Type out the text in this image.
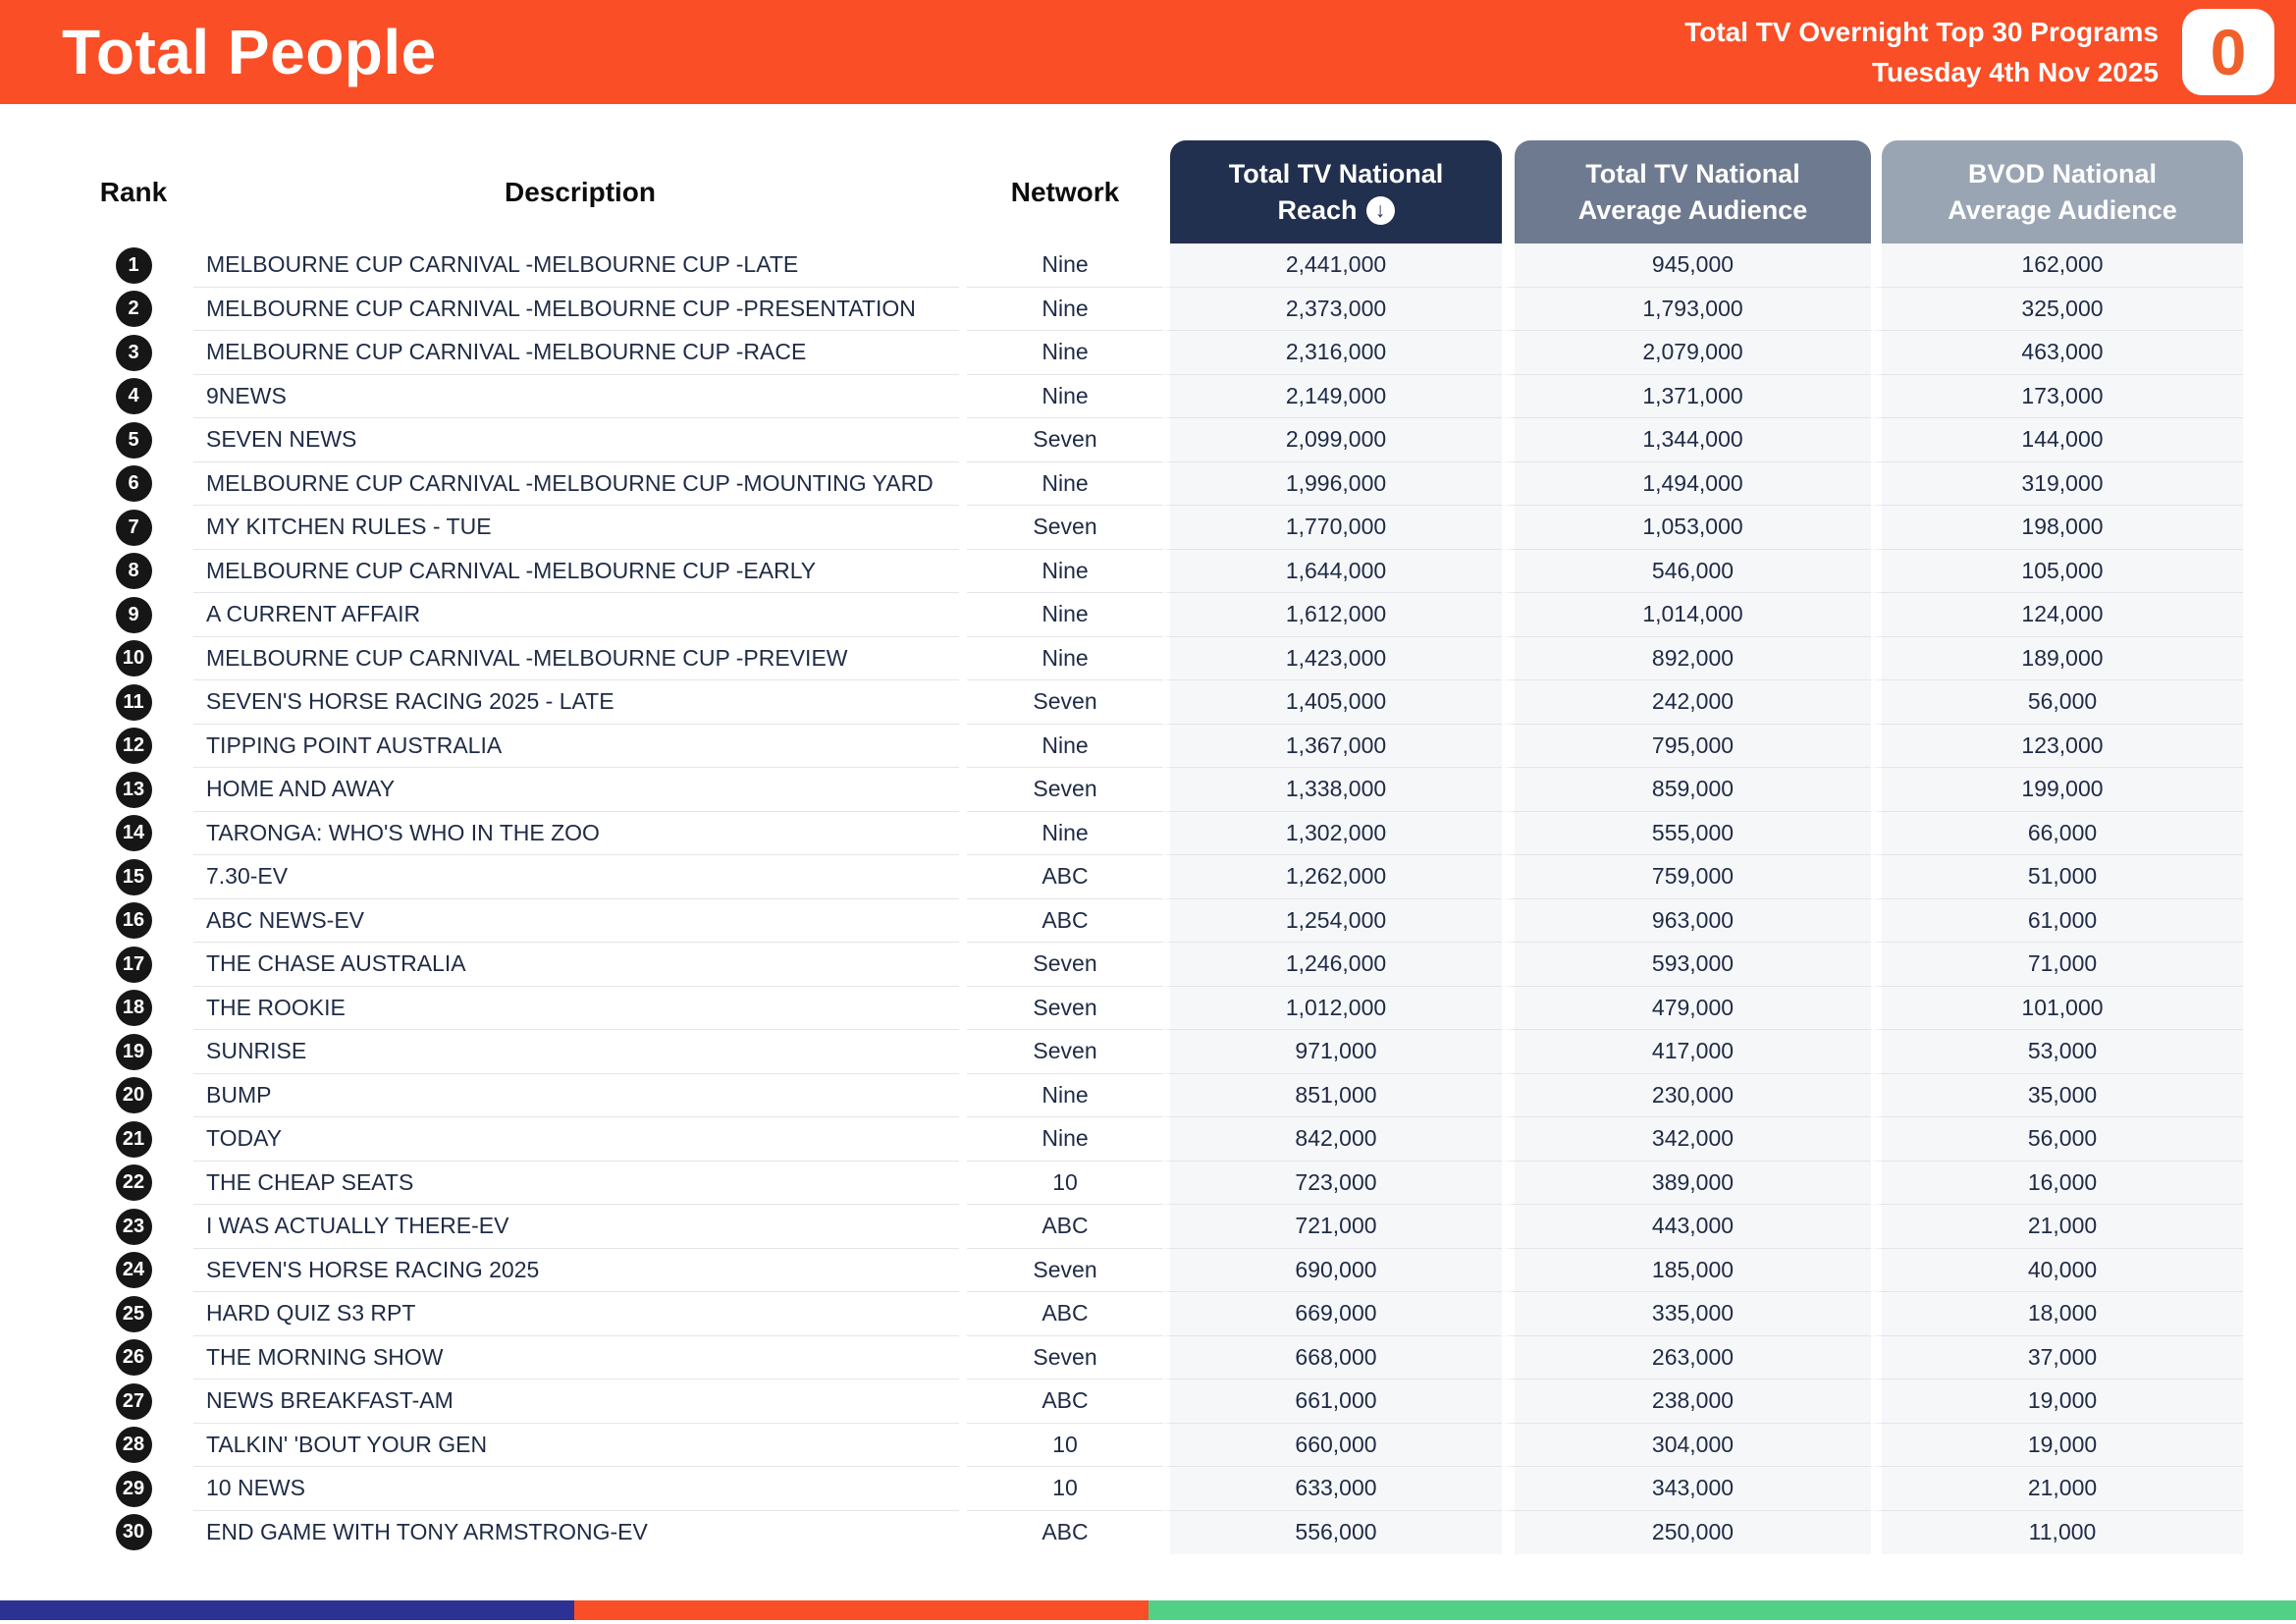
Total People	Total TV Overnight Top 30 Programs
Tuesday 4th Nov 2025 0
Rank	Description	Network
Total TV National
Reach ↓
Total TV National
Average Audience
BVOD National
Average Audience
1	MELBOURNE CUP CARNIVAL -MELBOURNE CUP -LATE	Nine	2,441,000	945,000	162,000
2	MELBOURNE CUP CARNIVAL -MELBOURNE CUP -PRESENTATION	Nine	2,373,000	1,793,000	325,000
3	MELBOURNE CUP CARNIVAL -MELBOURNE CUP -RACE	Nine	2,316,000	2,079,000	463,000
4	9NEWS	Nine	2,149,000	1,371,000	173,000
5	SEVEN NEWS	Seven	2,099,000	1,344,000	144,000
6	MELBOURNE CUP CARNIVAL -MELBOURNE CUP -MOUNTING YARD	Nine	1,996,000	1,494,000	319,000
7	MY KITCHEN RULES - TUE	Seven	1,770,000	1,053,000	198,000
8	MELBOURNE CUP CARNIVAL -MELBOURNE CUP -EARLY	Nine	1,644,000	546,000	105,000
9	A CURRENT AFFAIR	Nine	1,612,000	1,014,000	124,000
10	MELBOURNE CUP CARNIVAL -MELBOURNE CUP -PREVIEW	Nine	1,423,000	892,000	189,000
11	SEVEN'S HORSE RACING 2025 - LATE	Seven	1,405,000	242,000	56,000
12	TIPPING POINT AUSTRALIA	Nine	1,367,000	795,000	123,000
13	HOME AND AWAY	Seven	1,338,000	859,000	199,000
14	TARONGA: WHO'S WHO IN THE ZOO	Nine	1,302,000	555,000	66,000
15	7.30-EV	ABC	1,262,000	759,000	51,000
16	ABC NEWS-EV	ABC	1,254,000	963,000	61,000
17	THE CHASE AUSTRALIA	Seven	1,246,000	593,000	71,000
18	THE ROOKIE	Seven	1,012,000	479,000	101,000
19	SUNRISE	Seven	971,000	417,000	53,000
20	BUMP	Nine	851,000	230,000	35,000
21	TODAY	Nine	842,000	342,000	56,000
22	THE CHEAP SEATS	10	723,000	389,000	16,000
23	I WAS ACTUALLY THERE-EV	ABC	721,000	443,000	21,000
24	SEVEN'S HORSE RACING 2025	Seven	690,000	185,000	40,000
25	HARD QUIZ S3 RPT	ABC	669,000	335,000	18,000
26	THE MORNING SHOW	Seven	668,000	263,000	37,000
27	NEWS BREAKFAST-AM	ABC	661,000	238,000	19,000
28	TALKIN' 'BOUT YOUR GEN	10	660,000	304,000	19,000
29	10 NEWS	10	633,000	343,000	21,000
30	END GAME WITH TONY ARMSTRONG-EV	ABC	556,000	250,000	11,000
